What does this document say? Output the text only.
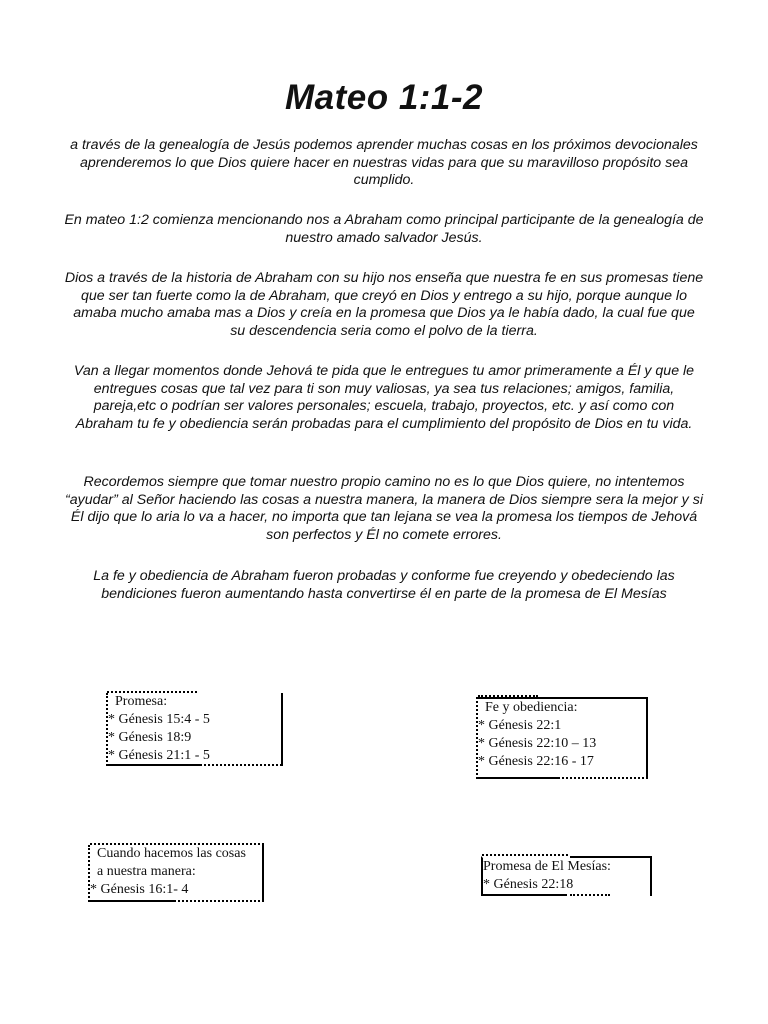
Mateo 1:1-2

a través de la genealogía de Jesús podemos aprender muchas cosas en los próximos devocionales aprenderemos lo que Dios quiere hacer en nuestras vidas para que su maravilloso propósito sea cumplido.

En mateo 1:2 comienza mencionando nos a Abraham como principal participante de la genealogía de nuestro amado salvador Jesús.

Dios a través de la historia de Abraham con su hijo nos enseña que nuestra fe en sus promesas tiene que ser tan fuerte como la de Abraham, que creyó en Dios y entrego a su hijo, porque aunque lo amaba mucho amaba mas a Dios y creía en la promesa que Dios ya le había dado, la cual fue que su descendencia seria como el polvo de la tierra.

Van a llegar momentos donde Jehová te pida que le entregues tu amor primeramente a Él y que le entregues cosas que tal vez para ti son muy valiosas, ya sea tus relaciones; amigos, familia, pareja,etc o podrían ser valores personales; escuela, trabajo, proyectos, etc. y así como con Abraham tu fe y obediencia serán probadas para el cumplimiento del propósito de Dios en tu vida.

Recordemos siempre que tomar nuestro propio camino no es lo que Dios quiere, no intentemos “ayudar” al Señor haciendo las cosas a nuestra manera, la manera de Dios siempre sera la mejor y si Él dijo que lo aria lo va a hacer, no importa que tan lejana se vea la promesa los tiempos de Jehová son perfectos y Él no comete errores.

La fe y obediencia de Abraham fueron probadas y conforme fue creyendo y obedeciendo las bendiciones fueron aumentando hasta convertirse él en parte de la promesa de El Mesías

Promesa:
* Génesis 15:4 - 5
* Génesis 18:9
* Génesis 21:1 - 5
Fe y obediencia:
* Génesis 22:1
* Génesis 22:10 – 13
* Génesis 22:16 - 17
Cuando hacemos las cosas
a nuestra manera:
* Génesis 16:1- 4
Promesa de El Mesías:
* Génesis 22:18
